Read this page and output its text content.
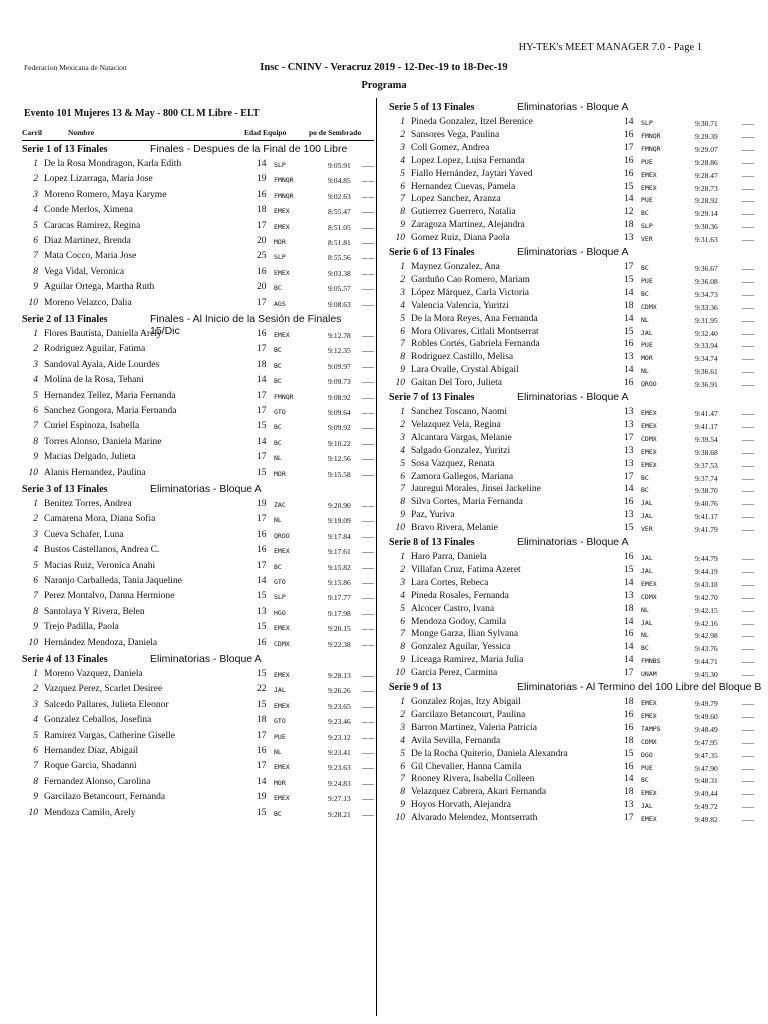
HY-TEK's MEET MANAGER 7.0 - Page 1
Federacion Mexicana de Natacion	Insc - CNINV - Veracruz 2019 - 12-Dec-19 to 18-Dec-19
Programa
Evento 101 Mujeres 13 & May - 800 CL M Libre - ELT
Carril	Nombre	Edad Equipo	po de Sembrado
Serie 1 of 13 Finales	Finales - Despues de la Final de 100 Libre
1 De la Rosa Mondragon, Karla Edith	14 SLP	9:05.91 ___
2 Lopez Lizarraga, Maria Jose	19 FMNQR	9:04.85 ___
3 Moreno Romero, Maya Karyme	16 FMNQR	9:02.63 ___
4 Conde Merlos, Ximena	18 EMEX	8:55.47 ___
5 Caracas Ramirez, Regina	17 EMEX	8:51.05 ___
6 Diaz Martinez, Brenda	20 MOR	8:51.81 ___
7 Mata Cocco, Maria Jose	25 SLP	8:55.56 ___
8 Vega Vidal, Veronica	16 EMEX	9:03.38 ___
9 Aguilar Ortega, Martha Ruth	20 BC	9:05.57 ___
10 Moreno Velazco, Dalia	17 AGS	9:08.63 ___
Serie 2 of 13 Finales	Finales - Al Inicio de la Sesión de Finales 15/Dic
1 Flores Bautista, Daniella Arely	16 EMEX	9:12.78 ___
2 Rodriguez Aguilar, Fatima	17 BC	9:12.35 ___
3 Sandoval Ayala, Aide Lourdes	18 BC	9:09.97 ___
4 Molina de la Rosa, Tehani	14 BC	9:09.73 ___
5 Hernandez Tellez, Maria Fernanda	17 FMNQR	9:08.92 ___
6 Sanchez Gongora, Maria Fernanda	17 GTO	9:09.64 ___
7 Curiel Espinoza, Isabella	15 BC	9:09.92 ___
8 Torres Alonso, Daniela Marine	14 BC	9:10.22 ___
9 Macias Delgado, Julieta	17 NL	9:12.56 ___
10 Alanis Hernandez, Paulina	15 MOR	9:15.58 ___
Serie 3 of 13 Finales	Eliminatorias - Bloque A
1 Benitez Torres, Andrea	19 ZAC	9:20.90 ___
2 Camarena Mora, Diana Sofia	17 NL	9:19.09 ___
3 Cueva Schafer, Luna	16 QROO	9:17.84 ___
4 Bustos Castellanos, Andrea C.	16 EMEX	9:17.61 ___
5 Macias Ruiz, Veronica Anahi	17 BC	9:15.82 ___
6 Naranjo Carballeda, Tania Jaqueline	14 GTO	9:15.86 ___
7 Perez Montalvo, Danna Hermione	15 SLP	9:17.77 ___
8 Santolaya Y Rivera, Belen	13 HGO	9:17.98 ___
9 Trejo Padilla, Paola	15 EMEX	9:20.15 ___
10 Hernández Mendoza, Daniela	16 CDMX	9:22.38 ___
Serie 4 of 13 Finales	Eliminatorias - Bloque A
1 Moreno Vazquez, Daniela	15 EMEX	9:28.13 ___
2 Vazquez Perez, Scarlet Desiree	22 JAL	9:26.26 ___
3 Salcedo Pallares, Julieta Eleonor	15 EMEX	9:23.65 ___
4 Gonzalez Ceballos, Josefina	18 GTO	9:23.46 ___
5 Ramirez Vargas, Catherine Giselle	17 PUE	9:23.12 ___
6 Hernandez Díaz, Abigail	16 NL	9:23.41 ___
7 Roque Garcia, Shadanni	17 EMEX	9:23.63 ___
8 Fernandez Alonso, Carolina	14 MOR	9:24.83 ___
9 Garcilazo Betancourt, Fernanda	19 EMEX	9:27.13 ___
10 Mendoza Camilo, Arely	15 BC	9:28.21 ___
Serie 5 of 13 Finales	Eliminatorias - Bloque A
1 Pineda Gonzalez, Itzel Berenice	14 SLP	9:30.71	___
2 Sansores Vega, Paulina	16 FMNQR	9:29.39	___
3 Coll Gomez, Andrea	17 FMNQR	9:29.07	___
4 Lopez Lopez, Luisa Fernanda	16 PUE	9:28.86	___
5 Fiallo Hernández, Jaytari Yaved	16 EMEX	9:28.47	___
6 Hernandez Cuevas, Pamela	15 EMEX	9:28.73	___
7 Lopez Sanchez, Aranza	14 PUE	9:28.92	___
8 Gutierrez Guerrero, Natalia	12 BC	9:29.14	___
9 Zaragoza Martinez, Alejandra	18 SLP	9:30.36	___
10 Gomez Ruiz, Diana Paola	13 VER	9:31.63	___
Serie 6 of 13 Finales	Eliminatorias - Bloque A
1 Maynez Gonzalez, Ana	17 BC	9:36.67	___
2 Garduño Cao Romero, Mariam	15 PUE	9:36.08	___
3 López Márquez, Carla Victoria	14 BC	9:34.73	___
4 Valencia Valencia, Yuritzi	18 CDMX	9:33.36	___
5 De la Mora Reyes, Ana Fernanda	14 NL	9:31.95	___
6 Mora Olivares, Citlali Montserrat	15 JAL	9:32.40	___
7 Robles Cortés, Gabriela Fernanda	16 PUE	9:33.94	___
8 Rodriguez Castillo, Melisa	13 MOR	9:34.74	___
9 Lara Ovalle, Crystal Abigail	14 NL	9:36.61	___
10 Gaitan Del Toro, Julieta	16 QROO	9:36.91	___
Serie 7 of 13 Finales	Eliminatorias - Bloque A
1 Sanchez Toscano, Naomi	13 EMEX	9:41.47	___
2 Velazquez Vela, Regina	13 EMEX	9:41.17	___
3 Alcantara Vargas, Melanie	17 CDMX	9:39.54	___
4 Salgado Gonzalez, Yuritzi	13 EMEX	9:38.68	___
5 Sosa Vazquez, Renata	13 EMEX	9:37.53	___
6 Zamora Gallegos, Mariana	17 BC	9:37.74	___
7 Jauregui Morales, Jinsei Jackeline	14 BC	9:38.70	___
8 Silva Cortes, Maria Fernanda	16 JAL	9:40.76	___
9 Paz, Yuriva	13 JAL	9:41.17	___
10 Bravo Rivera, Melanie	15 VER	9:41.79	___
Serie 8 of 13 Finales	Eliminatorias - Bloque A
1 Haro Parra, Daniela	16 JAL	9:44.79	___
2 Villafan Cruz, Fatima Azeret	15 JAL	9:44.19	___
3 Lara Cortes, Rebeca	14 EMEX	9:43.18	___
4 Pineda Rosales, Fernanda	13 CDMX	9:42.70	___
5 Alcocer Castro, Ivana	18 NL	9:42.15	___
6 Mendoza Godoy, Camila	14 JAL	9:42.16	___
7 Monge Garza, Ilian Sylvana	16 NL	9:42.98	___
8 Gonzalez Aguilar, Yessica	14 BC	9:43.76	___
9 Liceaga Ramirez, Maria Julia	14 FMNBS	9:44.71	___
10 Garcia Perez, Carmina	17 UNAM	9:45.30	___
Serie 9 of 13	Eliminatorias - Al Termino del 100 Libre del Bloque B
1 Gonzalez Rojas, Itzy Abigail	18 EMEX	9:49.79	___
2 Garcilazo Betancourt, Paulina	16 EMEX	9:49.60	___
3 Barron Martinez, Valeria Patricia	16 TAMPS	9:48.49	___
4 Avila Sevilla, Fernanda	18 CDMX	9:47.95	___
5 De la Rocha Quiterio, Daniela Alexandra	15 DGO	9:47.35	___
6 Gil Chevalier, Hanna Camila	16 PUE	9:47.90	___
7 Rooney Rivera, Isabella Colleen	14 BC	9:48.31	___
8 Velazquez Cabrera, Akari Fernanda	18 EMEX	9:49.44	___
9 Hoyos Horvath, Alejandra	13 JAL	9:49.72	___
10 Alvarado Melendez, Montserrath	17 EMEX	9:49.82	___
